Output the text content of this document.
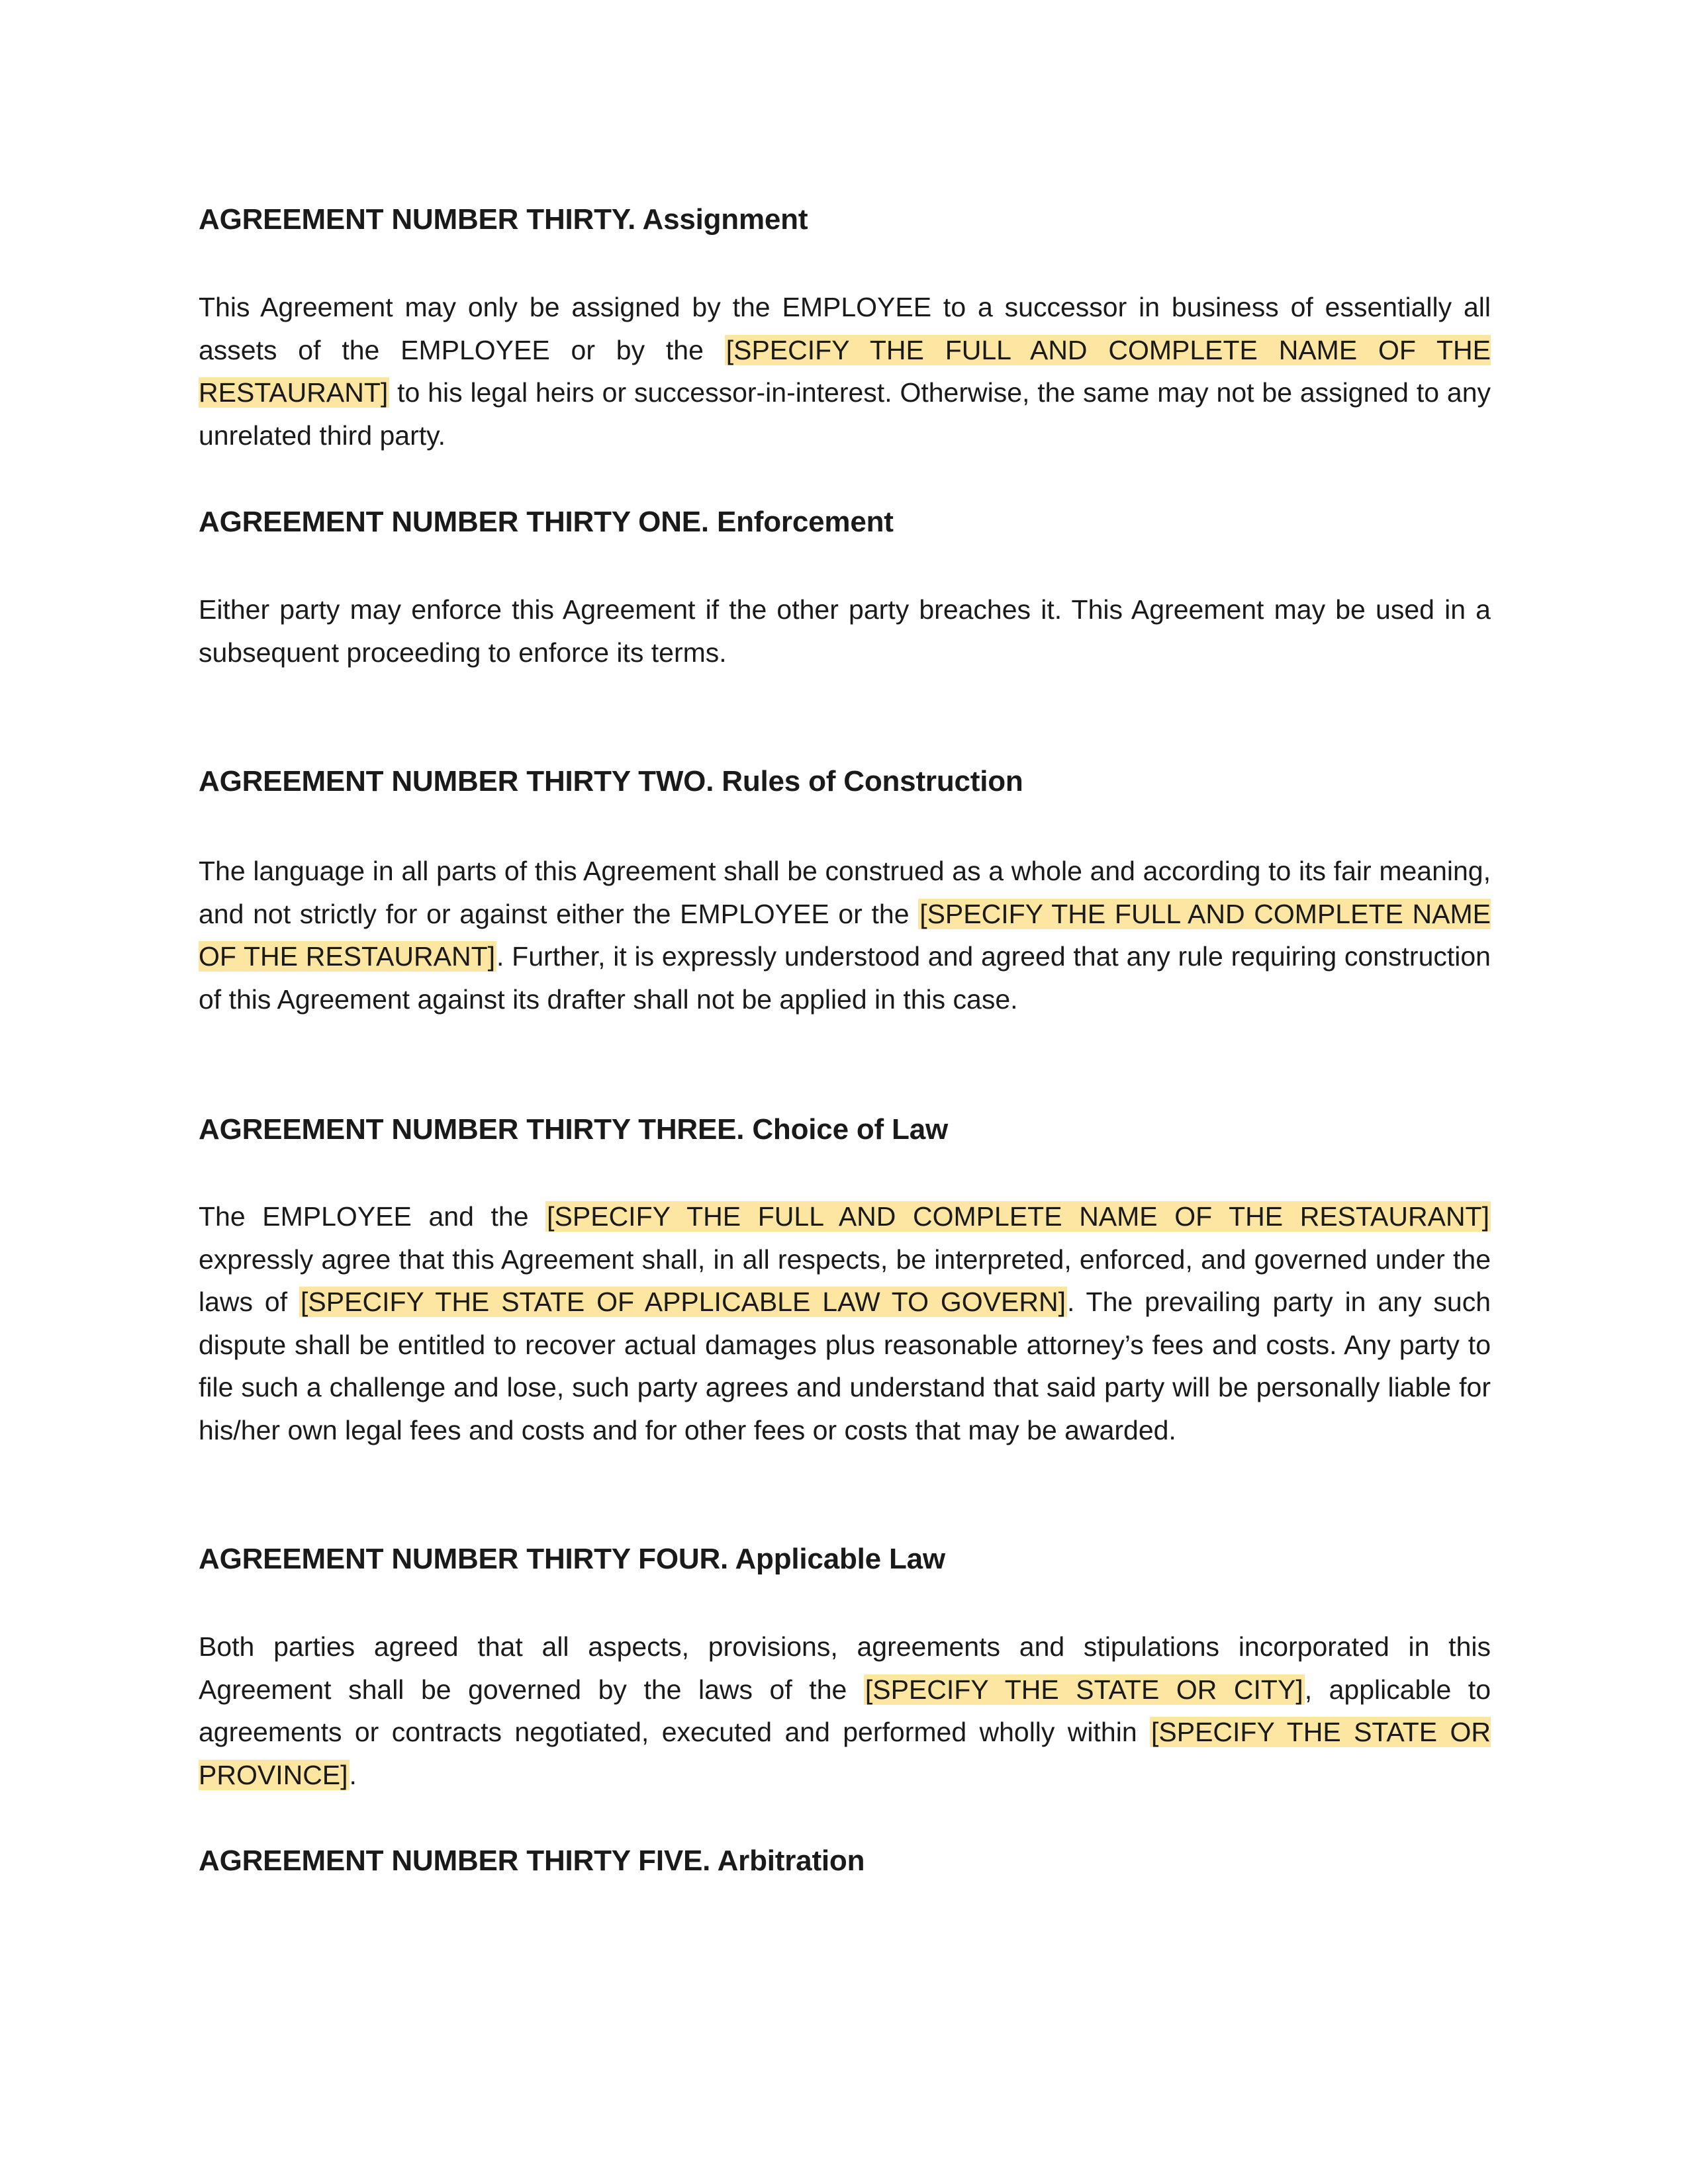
AGREEMENT NUMBER THIRTY. Assignment

This Agreement may only be assigned by the EMPLOYEE to a successor in business of essentially all assets of the EMPLOYEE or by the [SPECIFY THE FULL AND COMPLETE NAME OF THE RESTAURANT] to his legal heirs or successor-in-interest. Otherwise, the same may not be assigned to any unrelated third party.

AGREEMENT NUMBER THIRTY ONE. Enforcement

Either party may enforce this Agreement if the other party breaches it. This Agreement may be used in a subsequent proceeding to enforce its terms.

AGREEMENT NUMBER THIRTY TWO. Rules of Construction

The language in all parts of this Agreement shall be construed as a whole and according to its fair meaning, and not strictly for or against either the EMPLOYEE or the [SPECIFY THE FULL AND COMPLETE NAME OF THE RESTAURANT]. Further, it is expressly understood and agreed that any rule requiring construction of this Agreement against its drafter shall not be applied in this case.

AGREEMENT NUMBER THIRTY THREE. Choice of Law

The EMPLOYEE and the [SPECIFY THE FULL AND COMPLETE NAME OF THE RESTAURANT] expressly agree that this Agreement shall, in all respects, be interpreted, enforced, and governed under the laws of [SPECIFY THE STATE OF APPLICABLE LAW TO GOVERN]. The prevailing party in any such dispute shall be entitled to recover actual damages plus reasonable attorney’s fees and costs. Any party to file such a challenge and lose, such party agrees and understand that said party will be personally liable for his/her own legal fees and costs and for other fees or costs that may be awarded.

AGREEMENT NUMBER THIRTY FOUR. Applicable Law

Both parties agreed that all aspects, provisions, agreements and stipulations incorporated in this Agreement shall be governed by the laws of the [SPECIFY THE STATE OR CITY], applicable to agreements or contracts negotiated, executed and performed wholly within [SPECIFY THE STATE OR PROVINCE].

AGREEMENT NUMBER THIRTY FIVE. Arbitration
